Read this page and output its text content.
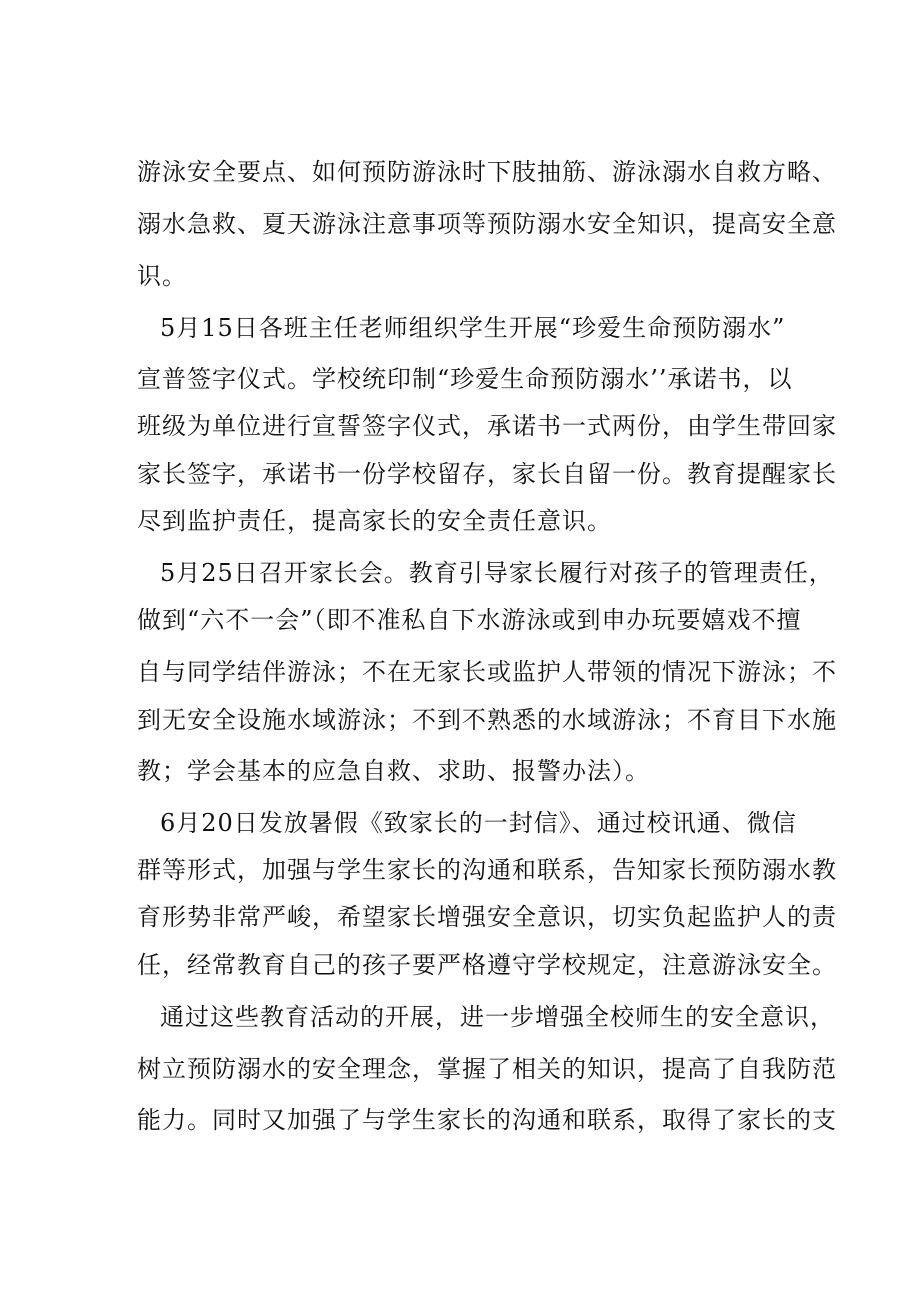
游泳安全要点、如何预防游泳时下肢抽筋、游泳溺水自救方略、
溺水急救、夏天游泳注意事项等预防溺水安全知识，提高安全意
识。
5月15日各班主任老师组织学生开展“珍爱生命预防溺水”
宣普签字仪式。学校统印制“珍爱生命预防溺水’’承诺书，以
班级为单位进行宣誓签字仪式，承诺书一式两份，由学生带回家
家长签字，承诺书一份学校留存，家长自留一份。教育提醒家长
尽到监护责任，提高家长的安全责任意识。
5月25日召开家长会。教育引导家长履行对孩子的管理责任，
做到“六不一会”（即不准私自下水游泳或到申办玩要嬉戏不擅
自与同学结伴游泳；不在无家长或监护人带领的情况下游泳；不
到无安全设施水域游泳；不到不熟悉的水域游泳；不育目下水施
教；学会基本的应急自救、求助、报警办法）。
6月20日发放暑假《致家长的一封信》、通过校讯通、微信
群等形式，加强与学生家长的沟通和联系，告知家长预防溺水教
育形势非常严峻，希望家长增强安全意识，切实负起监护人的责
任，经常教育自己的孩子要严格遵守学校规定，注意游泳安全。
通过这些教育活动的开展，进一步增强全校师生的安全意识，
树立预防溺水的安全理念，掌握了相关的知识，提高了自我防范
能力。同时又加强了与学生家长的沟通和联系，取得了家长的支
